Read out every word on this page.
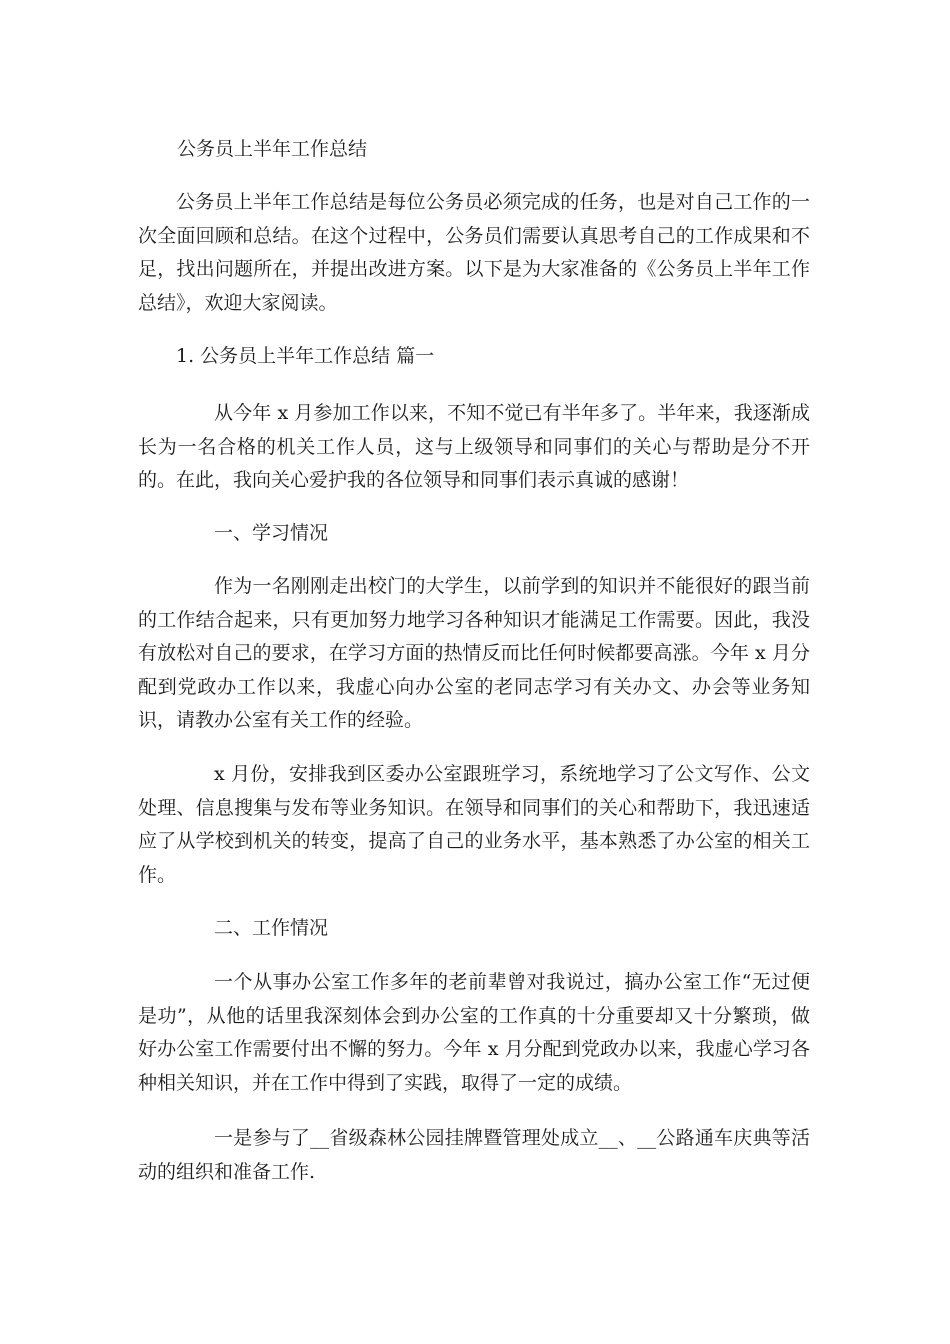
公务员上半年工作总结

公务员上半年工作总结是每位公务员必须完成的任务，也是对自己工作的一次全面回顾和总结。在这个过程中，公务员们需要认真思考自己的工作成果和不足，找出问题所在，并提出改进方案。以下是为大家准备的《公务员上半年工作总结》，欢迎大家阅读。

1. 公务员上半年工作总结 篇一

从今年 x 月参加工作以来，不知不觉已有半年多了。半年来，我逐渐成长为一名合格的机关工作人员，这与上级领导和同事们的关心与帮助是分不开的。在此，我向关心爱护我的各位领导和同事们表示真诚的感谢！

一、学习情况

作为一名刚刚走出校门的大学生，以前学到的知识并不能很好的跟当前的工作结合起来，只有更加努力地学习各种知识才能满足工作需要。因此，我没有放松对自己的要求，在学习方面的热情反而比任何时候都要高涨。今年 x 月分配到党政办工作以来，我虚心向办公室的老同志学习有关办文、办会等业务知识，请教办公室有关工作的经验。

x 月份，安排我到区委办公室跟班学习，系统地学习了公文写作、公文处理、信息搜集与发布等业务知识。在领导和同事们的关心和帮助下，我迅速适应了从学校到机关的转变，提高了自己的业务水平，基本熟悉了办公室的相关工作。

二、工作情况

一个从事办公室工作多年的老前辈曾对我说过，搞办公室工作“无过便是功”，从他的话里我深刻体会到办公室的工作真的十分重要却又十分繁琐，做好办公室工作需要付出不懈的努力。今年 x 月分配到党政办以来，我虚心学习各种相关知识，并在工作中得到了实践，取得了一定的成绩。

一是参与了__省级森林公园挂牌暨管理处成立__、__公路通车庆典等活动的组织和准备工作.
